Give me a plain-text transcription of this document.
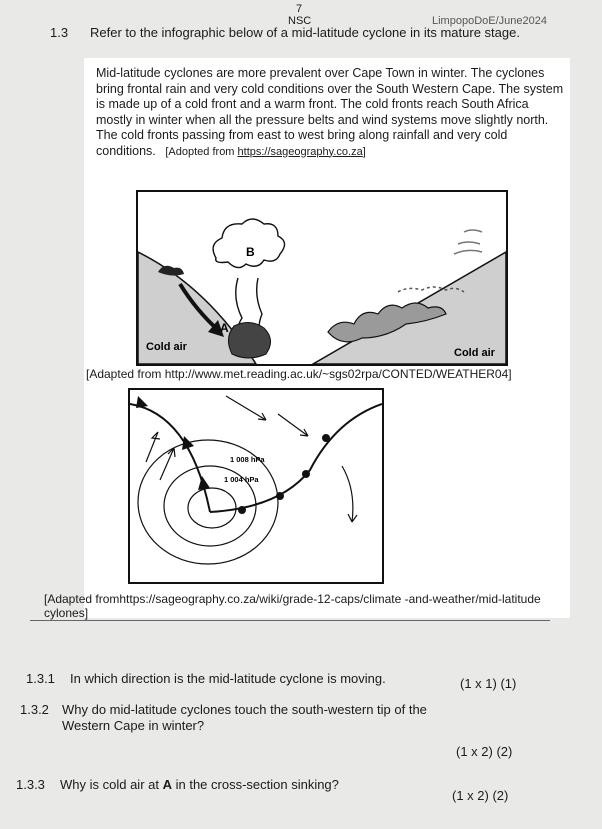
7
NSC	LimpopoDoE/June2024
1.3 Refer to the infographic below of a mid-latitude cyclone in its mature stage.
Mid-latitude cyclones are more prevalent over Cape Town in winter. The cyclones bring frontal rain and very cold conditions over the South Western Cape. The system is made up of a cold front and a warm front. The cold fronts reach South Africa mostly in winter when all the pressure belts and wind systems move slightly north. The cold fronts passing from east to west bring along rainfall and very cold conditions. [Adopted from https://sageography.co.za]
B
A
Cold air	Cold air
[Adapted from http://www.met.reading.ac.uk/~sgs02rpa/CONTED/WEATHER04]
1 008 hPa
1 004 hPa
[Adapted fromhttps://sageography.co.za/wiki/grade-12-caps/climate -and-weather/mid-latitude cylones]
1.3.1 In which direction is the mid-latitude cyclone is moving.	(1 x 1) (1)
1.3.2 Why do mid-latitude cyclones touch the south-western tip of the Western Cape in winter?
(1 x 2) (2)
1.3.3 Why is cold air at A in the cross-section sinking?
(1 x 2) (2)
